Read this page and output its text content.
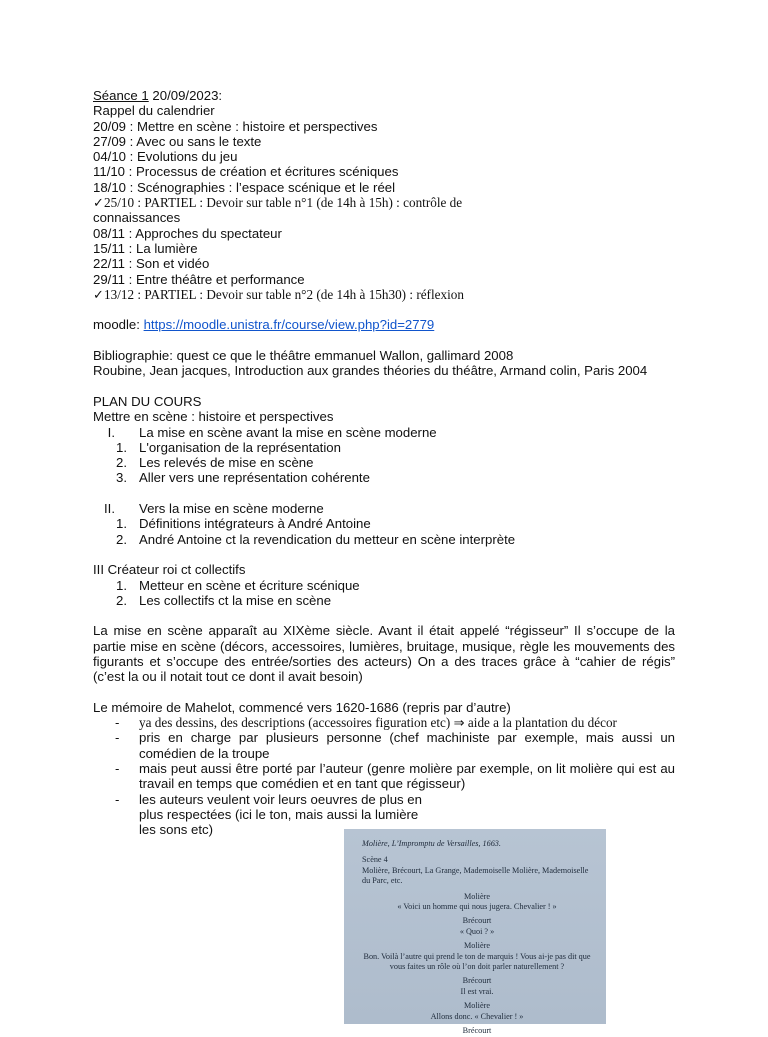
Séance 1 20/09/2023:
Rappel du calendrier
20/09 : Mettre en scène : histoire et perspectives
27/09 : Avec ou sans le texte
04/10 : Evolutions du jeu
11/10 : Processus de création et écritures scéniques
18/10 : Scénographies : l’espace scénique et le réel
✓25/10 : PARTIEL : Devoir sur table n°1 (de 14h à 15h) : contrôle de
connaissances
08/11 : Approches du spectateur
15/11 : La lumière
22/11 : Son et vidéo
29/11 : Entre théâtre et performance
✓13/12 : PARTIEL : Devoir sur table n°2 (de 14h à 15h30) : réflexion
moodle: https://moodle.unistra.fr/course/view.php?id=2779
Bibliographie: quest ce que le théâtre emmanuel Wallon, gallimard 2008
Roubine, Jean jacques, Introduction aux grandes théories du théâtre, Armand colin, Paris 2004
PLAN DU COURS
Mettre en scène : histoire et perspectives
I. La mise en scène avant la mise en scène moderne
1. L'organisation de la représentation
2. Les relevés de mise en scène
3. Aller vers une représentation cohérente
II. Vers la mise en scène moderne
1. Définitions intégrateurs à André Antoine
2. André Antoine ct la revendication du metteur en scène interprète
III Créateur roi ct collectifs
1. Metteur en scène et écriture scénique
2. Les collectifs ct la mise en scène
La mise en scène apparaît au XIXème siècle. Avant il était appelé “régisseur” Il s’occupe de la partie mise en scène (décors, accessoires, lumières, bruitage, musique, règle les mouvements des figurants et s’occupe des entrée/sorties des acteurs) On a des traces grâce à “cahier de régis” (c’est la ou il notait tout ce dont il avait besoin)
Le mémoire de Mahelot, commencé vers 1620-1686 (repris par d’autre)
- ya des dessins, des descriptions (accessoires figuration etc) ⇒ aide a la plantation du décor
- pris en charge par plusieurs personne (chef machiniste par exemple, mais aussi un comédien de la troupe
- mais peut aussi être porté par l’auteur (genre molière par exemple, on lit molière qui est au travail en temps que comédien et en tant que régisseur)
- les auteurs veulent voir leurs oeuvres de plus en plus respectées (ici le ton, mais aussi la lumière les sons etc)
Molière, L’Impromptu de Versailles, 1663.
Scène 4
Molière, Brécourt, La Grange, Mademoiselle Molière, Mademoiselle du Parc, etc.
Molière
« Voici un homme qui nous jugera. Chevalier ! »
Brécourt
« Quoi ? »
Molière
Bon. Voilà l’autre qui prend le ton de marquis ! Vous ai-je pas dit que vous faites un rôle où l’on doit parler naturellement ?
Brécourt
Il est vrai.
Molière
Allons donc. « Chevalier ! »
Brécourt
